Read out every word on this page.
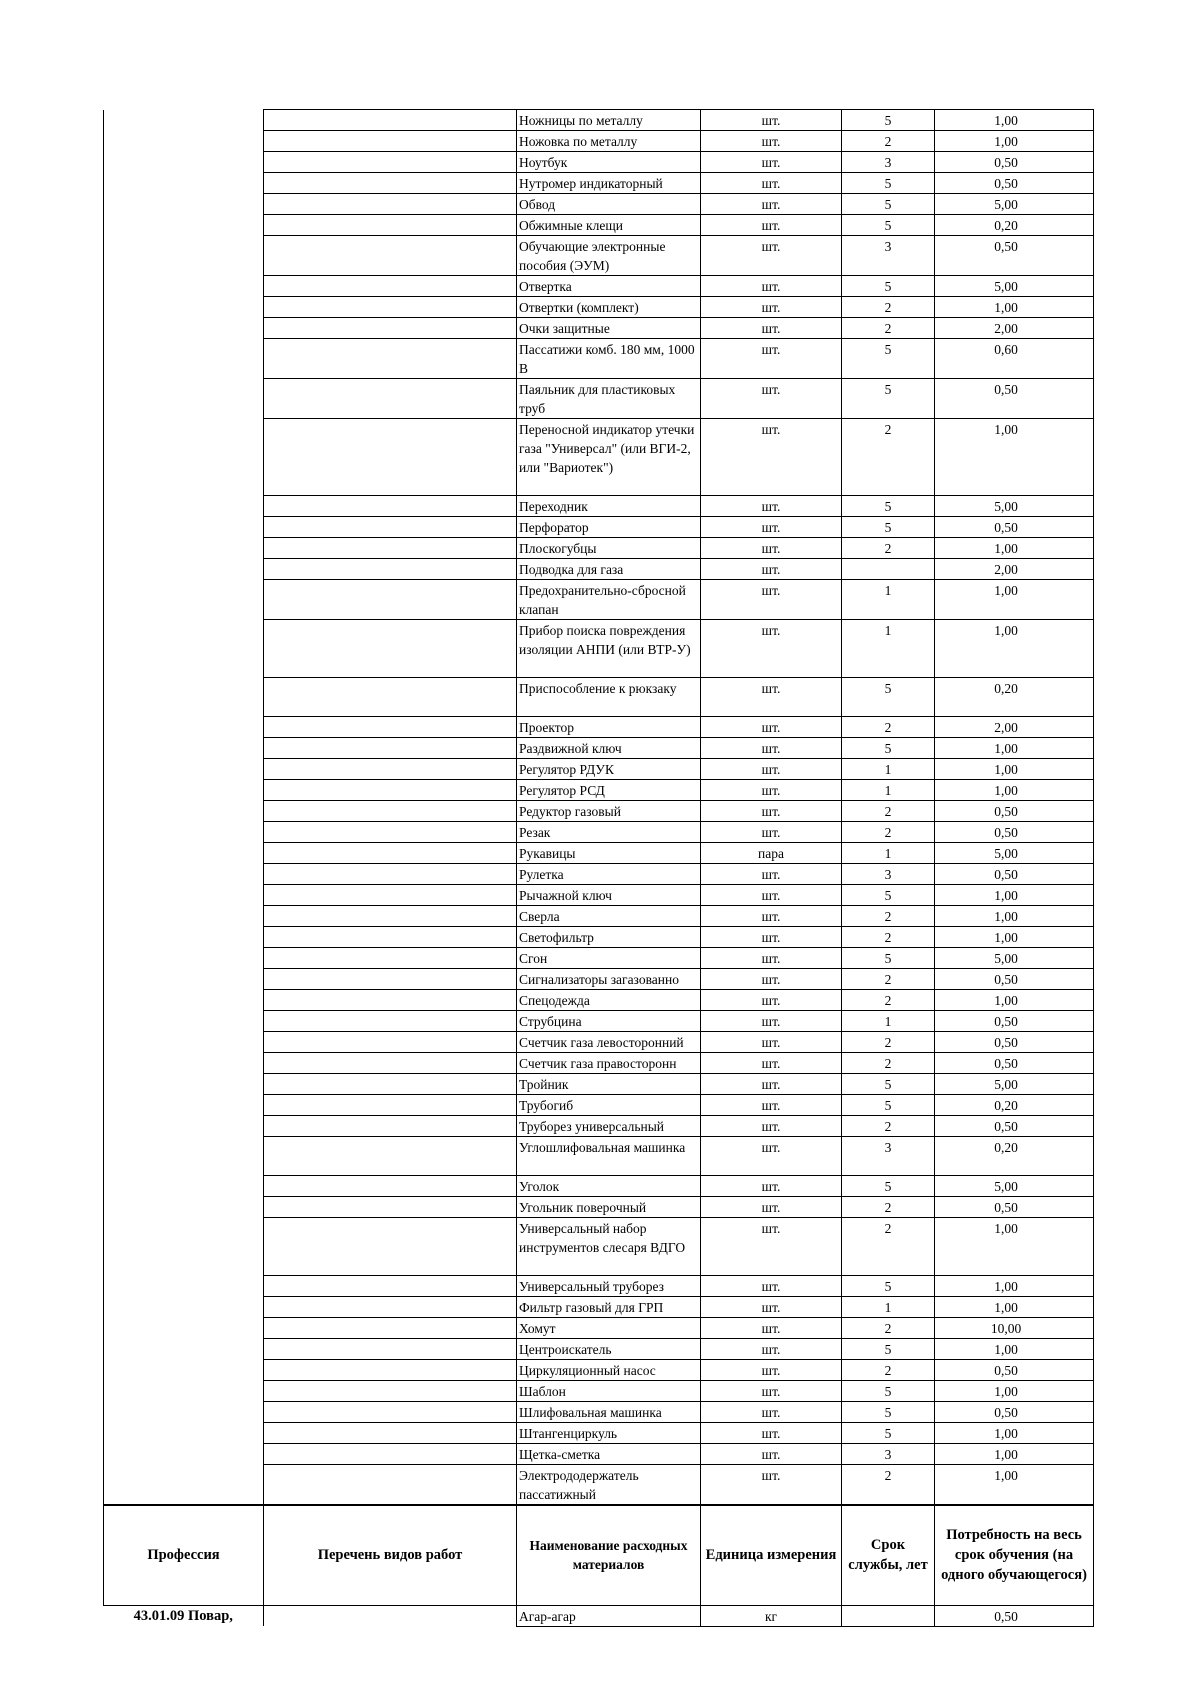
		Ножницы по металлу	шт.	5	1,00
		Ножовка по металлу	шт.	2	1,00
		Ноутбук	шт.	3	0,50
		Нутромер индикаторный	шт.	5	0,50
		Обвод	шт.	5	5,00
		Обжимные клещи	шт.	5	0,20
		Обучающие электронные пособия (ЭУМ)	шт.	3	0,50
		Отвертка	шт.	5	5,00
		Отвертки (комплект)	шт.	2	1,00
		Очки защитные	шт.	2	2,00
		Пассатижи комб. 180 мм, 1000 В	шт.	5	0,60
		Паяльник для пластиковых труб	шт.	5	0,50
		Переносной индикатор утечки газа "Универсал" (или ВГИ-2, или "Вариотек")	шт.	2	1,00
		Переходник	шт.	5	5,00
		Перфоратор	шт.	5	0,50
		Плоскогубцы	шт.	2	1,00
		Подводка для газа	шт.		2,00
		Предохранительно-сбросной клапан	шт.	1	1,00
		Прибор поиска повреждения изоляции АНПИ (или ВТР-У)	шт.	1	1,00
		Приспособление к рюкзаку	шт.	5	0,20
		Проектор	шт.	2	2,00
		Раздвижной ключ	шт.	5	1,00
		Регулятор РДУК	шт.	1	1,00
		Регулятор РСД	шт.	1	1,00
		Редуктор газовый	шт.	2	0,50
		Резак	шт.	2	0,50
		Рукавицы	пара	1	5,00
		Рулетка	шт.	3	0,50
		Рычажной ключ	шт.	5	1,00
		Сверла	шт.	2	1,00
		Светофильтр	шт.	2	1,00
		Сгон	шт.	5	5,00
		Сигнализаторы загазованно	шт.	2	0,50
		Спецодежда	шт.	2	1,00
		Струбцина	шт.	1	0,50
		Счетчик газа левосторонний	шт.	2	0,50
		Счетчик газа правосторонн	шт.	2	0,50
		Тройник	шт.	5	5,00
		Трубогиб	шт.	5	0,20
		Труборез универсальный	шт.	2	0,50
		Углошлифовальная машинка	шт.	3	0,20
		Уголок	шт.	5	5,00
		Угольник поверочный	шт.	2	0,50
		Универсальный набор инструментов слесаря ВДГО	шт.	2	1,00
		Универсальный труборез	шт.	5	1,00
		Фильтр газовый для ГРП	шт.	1	1,00
		Хомут	шт.	2	10,00
		Центроискатель	шт.	5	1,00
		Циркуляционный насос	шт.	2	0,50
		Шаблон	шт.	5	1,00
		Шлифовальная машинка	шт.	5	0,50
		Штангенциркуль	шт.	5	1,00
		Щетка-сметка	шт.	3	1,00
		Электрододержатель пассатижный	шт.	2	1,00
Профессия	Перечень видов работ	Наименование расходных материалов	Единица измерения	Срок службы, лет	Потребность на весь срок обучения (на одного обучающегося)
43.01.09 Повар,		Агар-агар	кг		0,50
